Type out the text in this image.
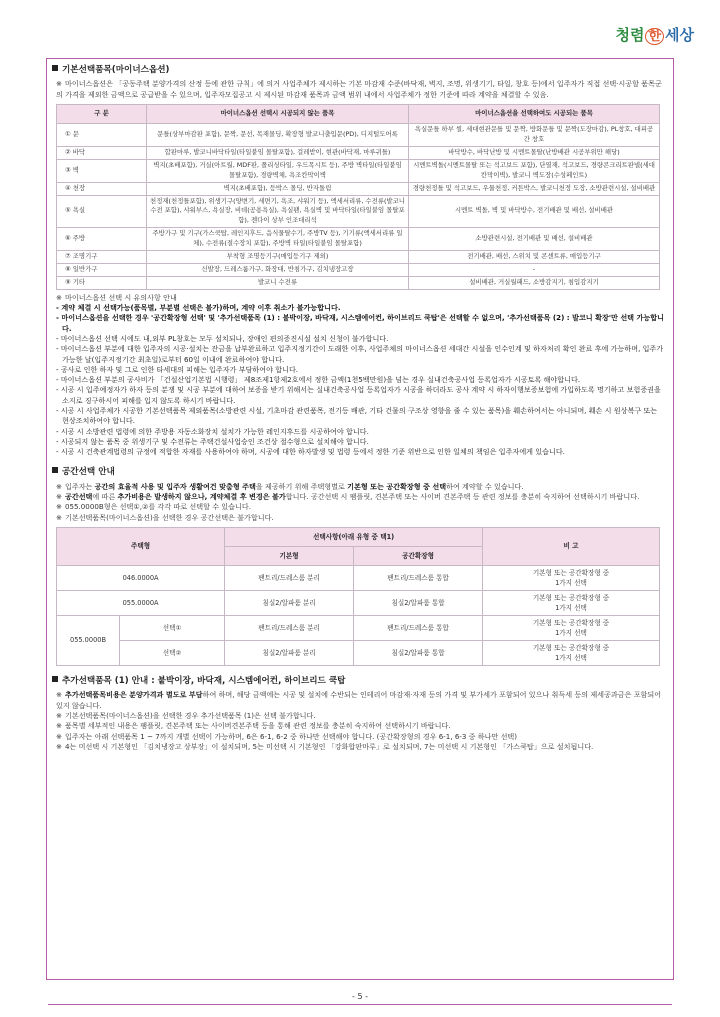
청렴 한 세상
기본선택품목(마이너스옵션)
※ 마이너스옵션은 「공동주택 분양가격의 산정 등에 관한 규칙」에 의거 사업주체가 제시하는 기본 마감재 수준(바닥재, 벽지, 조명, 위생기기, 타일, 창호 등)에서 입주자가 직접 선택·시공할 품목군의 가격을 제외한 금액으로 공급받을 수 있으며, 입주자모집공고 시 제시된 마감재 품목과 금액 범위 내에서 사업주체가 정한 기준에 따라 계약을 체결할 수 있음.
구 분	마이너스옵션 선택시 시공되지 않는 품목	마이너스옵션을 선택하여도 시공되는 품목
① 문	문틀(상부마감판 포함), 문짝, 문선, 목재몰딩, 확장형 발코니출입문(PD), 디지털도어록	욕실문틀 하부 씰, 세대현관문틀 및 문짝, 방화문틀 및 문짝(도장마감), PL창호, 대피공간 창호
② 바닥	합판마루, 발코니바닥타일(타일붙임 몰탈포함), 걸레받이, 현관(바닥재, 마루귀틀)	바닥방수, 바닥난방 및 시멘트몰탈(난방배관 시공부위만 해당)
③ 벽	벽지(초배포함), 거실(아트월, MDF판, 폴리싱타일, 우드목시트 등), 주방 벽타일(타일붙임 몰탈포함), 경량벽체, 욕조칸막이벽	시멘트벽돌(시멘트몰탈 또는 석고보드 포함), 단열재, 석고보드, 경량콘크리트판넬(세대칸막이벽), 발코니 벽도장(수성페인트)
④ 천장	벽지(초배포함), 등박스 몰딩, 반자돌림	경량천정틀 및 석고보드, 우물천정, 커튼박스, 발코니천정 도장, 소방관련시설, 설비배관
⑤ 욕실	천정재(천정틀포함), 위생기구(양변기, 세면기, 욕조, 샤워기 등), 액세서리류, 수전류(발코니 수전 포함), 샤워부스, 욕실장, 비데(공용욕실), 욕실팬, 욕실벽 및 바닥타일(타일붙임 몰탈포함), 젠다이 상부 인조대리석	시멘트 벽돌, 벽 및 바닥방수, 전기배관 및 배선, 설비배관
⑥ 주방	주방가구 및 기구(가스쿡탑, 레인지후드, 음식물탈수기, 주방TV 등), 기기류(액세서리류 일체), 수전류(절수장치 포함), 주방벽 타일(타일붙임 몰탈포함)	소방관련시설, 전기배관 및 배선, 설비배관
⑦ 조명기구	부착형 조명등기구(매입등기구 제외)	전기배관, 배선, 스위치 및 콘센트류, 매입등기구
⑧ 일반가구	신발장, 드레스룸가구, 화장대, 반침가구, 김치냉장고장	-
⑨ 기타	발코니 수전류	설비배관, 거실월패드, 소방감지기, 침입감지기
※ 마이너스옵션 선택 시 유의사항 안내
- 계약 체결 시 선택가능(품목별, 부분별 선택은 불가)하며, 계약 이후 취소가 불가능합니다.
- 마이너스옵션을 선택한 경우 '공간확장형 선택' 및 '추가선택품목 (1) : 붙박이장, 바닥재, 시스템에어컨, 하이브리드 쿡탑'은 선택할 수 없으며, '추가선택품목 (2) : 발코니 확장'만 선택 가능합니다.
- 마이너스옵션 선택 시에도 내,외부 PL창호는 모두 설치되나, 장애인 편의증진시설 설치 신청이 불가합니다.
- 마이너스옵션 부분에 대한 입주자의 시공·설치는 잔금을 납부완료하고 입주지정기간이 도래한 이후, 사업주체의 마이너스옵션 세대간 시설을 인수인계 및 하자처리 확인 완료 후에 가능하며, 입주가 가능한 날(입주지정기간 최초일)로부터 60일 이내에 완료하여야 합니다.
- 공사로 인한 하자 및 그로 인한 타세대의 피해는 입주자가 부담하여야 합니다.
- 마이너스옵션 부분의 공사비가 「건설산업기본법 시행령」 제8조제1항제2호에서 정한 금액(1천5백만원)을 넘는 경우 실내건축공사업 등록업자가 시공토록 해야합니다.
- 시공 시 입주예정자가 하자 등의 분쟁 및 시공 부분에 대하여 보증을 받기 위해서는 실내건축공사업 등록업자가 시공을 하더라도 공사 계약 시 하자이행보증보험에 가입하도록 명기하고 보험증권을 소지로 징구하시어 피해를 입지 않도록 하시기 바랍니다.
- 시공 시 사업주체가 시공한 기본선택품목 제외품목(소방관련 시설, 기초마감 관련품목, 전기등 배관, 기타 건물의 구조상 영향을 줄 수 있는 품목)을 훼손하여서는 아니되며, 훼손 시 원상복구 또는 현상조치하여야 합니다.
- 시공 시 소방관련 법령에 의한 주방용 자동소화장치 설치가 가능한 레인지후드를 시공하여야 합니다.
- 시공되지 않는 품목 중 위생기구 및 수전류는 주택건설사업승인 조건상 절수형으로 설치해야 합니다.
- 시공 시 건축관계법령의 규정에 적합한 자재를 사용하여야 하며, 시공에 대한 하자발생 및 법령 등에서 정한 기준 위반으로 인한 일체의 책임은 입주자에게 있습니다.
공간선택 안내
※ 입주자는 공간의 효율적 사용 및 입주자 생활여건 맞춤형 주택을 제공하기 위해 주택형별로 기본형 또는 공간확장형 중 선택하여 계약할 수 있습니다.
※ 공간선택에 따른 추가비용은 발생하지 않으나, 계약체결 후 변경은 불가합니다. 공간선택 시 팸플릿, 견본주택 또는 사이버 견본주택 등 관련 정보를 충분히 숙지하여 선택하시기 바랍니다.
※ 055.0000B형은 선택①,②를 각각 따로 선택할 수 있습니다.
※ 기본선택품목(마이너스옵션)을 선택한 경우 공간선택은 불가합니다.
주택형		선택사항(아래 유형 중 택1)		비 고
		기본형	공간확장형	
046.0000A		팬트리/드레스룸 분리	팬트리/드레스룸 통합	기본형 또는 공간확장형 중
1가지 선택
055.0000A		침실2/알파룸 분리	침실2/알파룸 통합	기본형 또는 공간확장형 중
1가지 선택
055.0000B	선택①	팬트리/드레스룸 분리	팬트리/드레스룸 통합	기본형 또는 공간확장형 중
1가지 선택
	선택②	침실2/알파룸 분리	침실2/알파룸 통합	기본형 또는 공간확장형 중
1가지 선택
추가선택품목 (1) 안내 : 붙박이장, 바닥재, 시스템에어컨, 하이브리드 쿡탑
※ 추가선택품목비용은 분양가격과 별도로 부담하여 하며, 해당 금액에는 시공 및 설치에 수반되는 인테리어 마감재·자재 등의 가격 및 부가세가 포함되어 있으나 취득세 등의 제세공과금은 포함되어 있지 않습니다.
※ 기본선택품목(마이너스옵션)을 선택한 경우 추가선택품목 (1)은 선택 불가합니다.
※ 품목별 세부적인 내용은 팸플릿, 견본주택 또는 사이버견본주택 등을 통해 관련 정보를 충분히 숙지하여 선택하시기 바랍니다.
※ 입주자는 아래 선택품목 1 ~ 7까지 개별 선택이 가능하며, 6은 6-1, 6-2 중 하나만 선택해야 합니다. (공간확장형의 경우 6-1, 6-3 중 하나만 선택)
※ 4는 미선택 시 기본형인 「김치냉장고 상부장」이 설치되며, 5는 미선택 시 기본형인 「강화합판마루」로 설치되며, 7는 미선택 시 기본형인 「가스쿡탑」으로 설치됩니다.
- 5 -
